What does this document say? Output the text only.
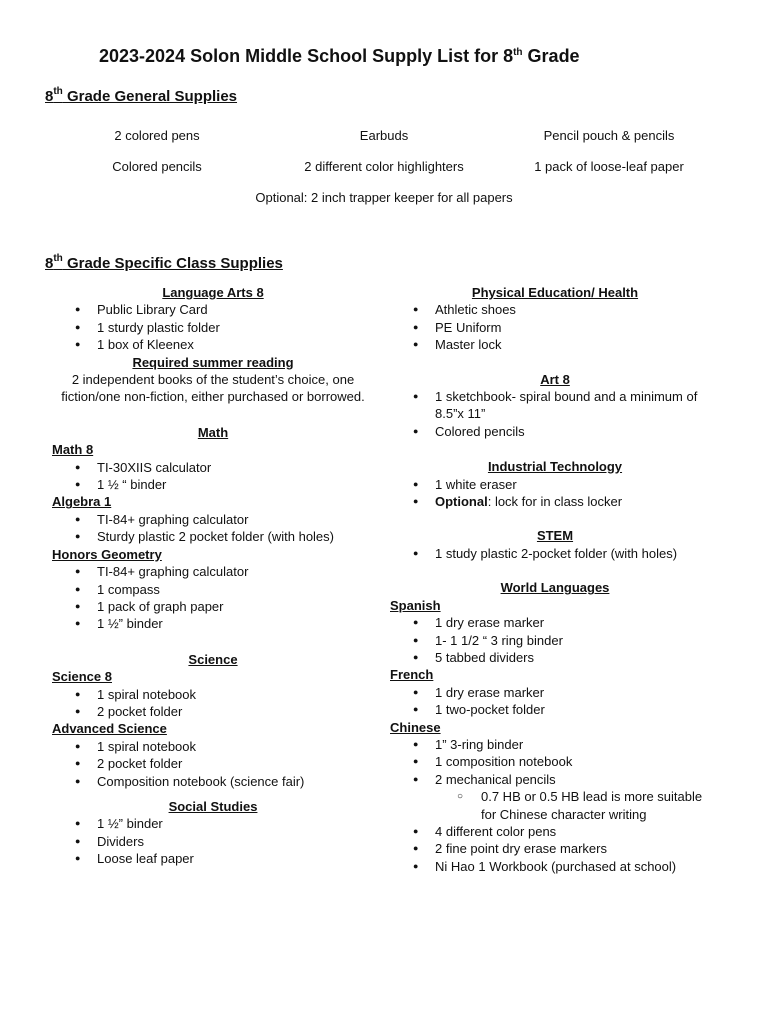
2023-2024 Solon Middle School Supply List for 8th Grade
8th Grade General Supplies
2 colored pens	Earbuds	Pencil pouch & pencils
Colored pencils	2 different color highlighters	1 pack of loose-leaf paper
Optional: 2 inch trapper keeper for all papers
8th Grade Specific Class Supplies

Language Arts 8

● Public Library Card
● 1 sturdy plastic folder
● 1 box of Kleenex

Required summer reading

2 independent books of the student’s choice, one fiction/one non-fiction, either purchased or borrowed.

Math

Math 8

● TI-30XIIS calculator
● 1 ½ “ binder

Algebra 1

● TI-84+ graphing calculator
● Sturdy plastic 2 pocket folder (with holes)

Honors Geometry

● TI-84+ graphing calculator
● 1 compass
● 1 pack of graph paper
● 1 ½” binder

Science

Science 8

● 1 spiral notebook
● 2 pocket folder

Advanced Science

● 1 spiral notebook
● 2 pocket folder
● Composition notebook (science fair)

Social Studies

● 1 ½” binder
● Dividers
● Loose leaf paper

Physical Education/ Health

● Athletic shoes
● PE Uniform
● Master lock

Art 8

● 1 sketchbook- spiral bound and a minimum of 8.5”x 11”
● Colored pencils

Industrial Technology

● 1 white eraser
● Optional: lock for in class locker

STEM

● 1 study plastic 2-pocket folder (with holes)

World Languages

Spanish

● 1 dry erase marker
● 1- 1 1/2 “ 3 ring binder
● 5 tabbed dividers

French

● 1 dry erase marker
● 1 two-pocket folder

Chinese

● 1” 3-ring binder
● 1 composition notebook
● 2 mechanical pencils
○ 0.7 HB or 0.5 HB lead is more suitable for Chinese character writing
● 4 different color pens
● 2 fine point dry erase markers
● Ni Hao 1 Workbook (purchased at school)
